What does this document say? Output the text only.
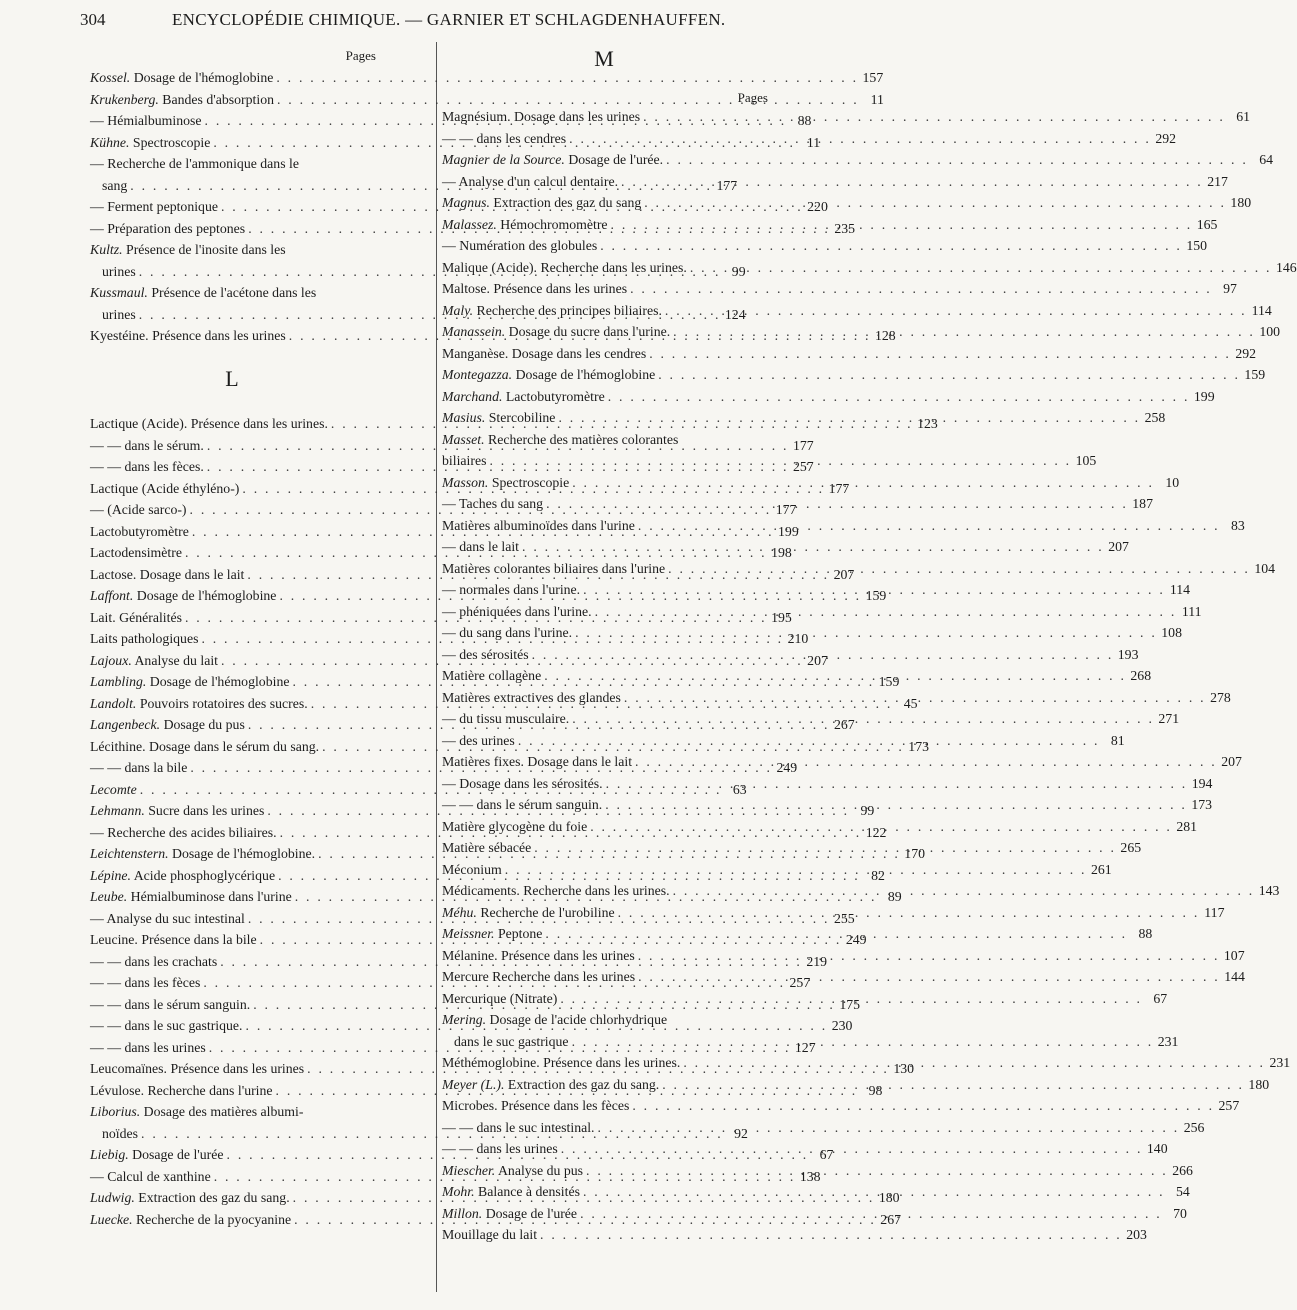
304	ENCYCLOPÉDIE CHIMIQUE. — GARNIER ET SCHLAGDENHAUFFEN.
Pages
Kossel. Dosage de l'hémoglobine . . .	157
Krukenberg. Bandes d'absorption . . .	11
— Hémialbuminose . . .	88
Kühne. Spectroscopie . . .	11
— Recherche de l'ammonique dans le
sang . . .	177
— Ferment peptonique . . .	220
— Préparation des peptones . . .	235
Kultz. Présence de l'inosite dans les
urines . . .	99
Kussmaul. Présence de l'acétone dans les
urines . . .	124
Kyestéine. Présence dans les urines . . .	128
L
Lactique (Acide). Présence dans les urines. . . .	123
— — dans le sérum. . . .	177
— — dans les fèces. . . .	257
Lactique (Acide éthyléno-) . . .	177
— (Acide sarco-) . . .	177
Lactobutyromètre . . .	199
Lactodensimètre . . .	198
Lactose. Dosage dans le lait . . .	207
Laffont. Dosage de l'hémoglobine . . .	159
Lait. Généralités . . .	195
Laits pathologiques . . .	210
Lajoux. Analyse du lait . . .	207
Lambling. Dosage de l'hémoglobine . . .	159
Landolt. Pouvoirs rotatoires des sucres. . . .	45
Langenbeck. Dosage du pus . . .	267
Lécithine. Dosage dans le sérum du sang. . . .	173
— — dans la bile . . .	249
Lecomte . . .	63
Lehmann. Sucre dans les urines . . .	99
— Recherche des acides biliaires. . . .	122
Leichtenstern. Dosage de l'hémoglobine. . . .	170
Lépine. Acide phosphoglycérique . . .	82
Leube. Hémialbuminose dans l'urine . . .	89
— Analyse du suc intestinal . . .	255
Leucine. Présence dans la bile . . .	249
— — dans les crachats . . .	219
— — dans les fèces . . .	257
— — dans le sérum sanguin. . . .	175
— — dans le suc gastrique. . . .	230
— — dans les urines . . .	127
Leucomaïnes. Présence dans les urines . . .	130
Lévulose. Recherche dans l'urine . . .	98
Liborius. Dosage des matières albumi-
noïdes . . .	92
Liebig. Dosage de l'urée . . .	67
— Calcul de xanthine . . .	138
Ludwig. Extraction des gaz du sang. . . .	180
Luecke. Recherche de la pyocyanine . . .	267
M
Pages
Magnésium. Dosage dans les urines . . .	61
— — dans les cendres . . .	292
Magnier de la Source. Dosage de l'urée. . . .	64
— Analyse d'un calcul dentaire. . . .	217
Magnus. Extraction des gaz du sang . . .	180
Malassez. Hémochromomètre . . .	165
— Numération des globules . . .	150
Malique (Acide). Recherche dans les urines. . . .	146
Maltose. Présence dans les urines . . .	97
Maly. Recherche des principes biliaires. . . .	114
Manassein. Dosage du sucre dans l'urine. . . .	100
Manganèse. Dosage dans les cendres . . .	292
Montegazza. Dosage de l'hémoglobine . . .	159
Marchand. Lactobutyromètre . . .	199
Masius. Stercobiline . . .	258
Masset. Recherche des matières colorantes
biliaires . . .	105
Masson. Spectroscopie . . .	10
— Taches du sang . . .	187
Matières albuminoïdes dans l'urine . . .	83
— dans le lait . . .	207
Matières colorantes biliaires dans l'urine . . .	104
— normales dans l'urine. . . .	114
— phéniquées dans l'urine. . . .	111
— du sang dans l'urine. . . .	108
— des sérosités . . .	193
Matière collagène . . .	268
Matières extractives des glandes . . .	278
— du tissu musculaire. . . .	271
— des urines . . .	81
Matières fixes. Dosage dans le lait . . .	207
— Dosage dans les sérosités. . . .	194
— — dans le sérum sanguin. . . .	173
Matière glycogène du foie . . .	281
Matière sébacée . . .	265
Méconium . . .	261
Médicaments. Recherche dans les urines. . . .	143
Méhu. Recherche de l'urobiline . . .	117
Meissner. Peptone . . .	88
Mélanine. Présence dans les urines . . .	107
Mercure Recherche dans les urines . . .	144
Mercurique (Nitrate) . . .	67
Mering. Dosage de l'acide chlorhydrique
dans le suc gastrique . . .	231
Méthémoglobine. Présence dans les urines. . . .	231
Meyer (L.). Extraction des gaz du sang. . . .	180
Microbes. Présence dans les fèces . . .	257
— — dans le suc intestinal. . . .	256
— — dans les urines . . .	140
Miescher. Analyse du pus . . .	266
Mohr. Balance à densités . . .	54
Millon. Dosage de l'urée . . .	70
Mouillage du lait . . .	203
